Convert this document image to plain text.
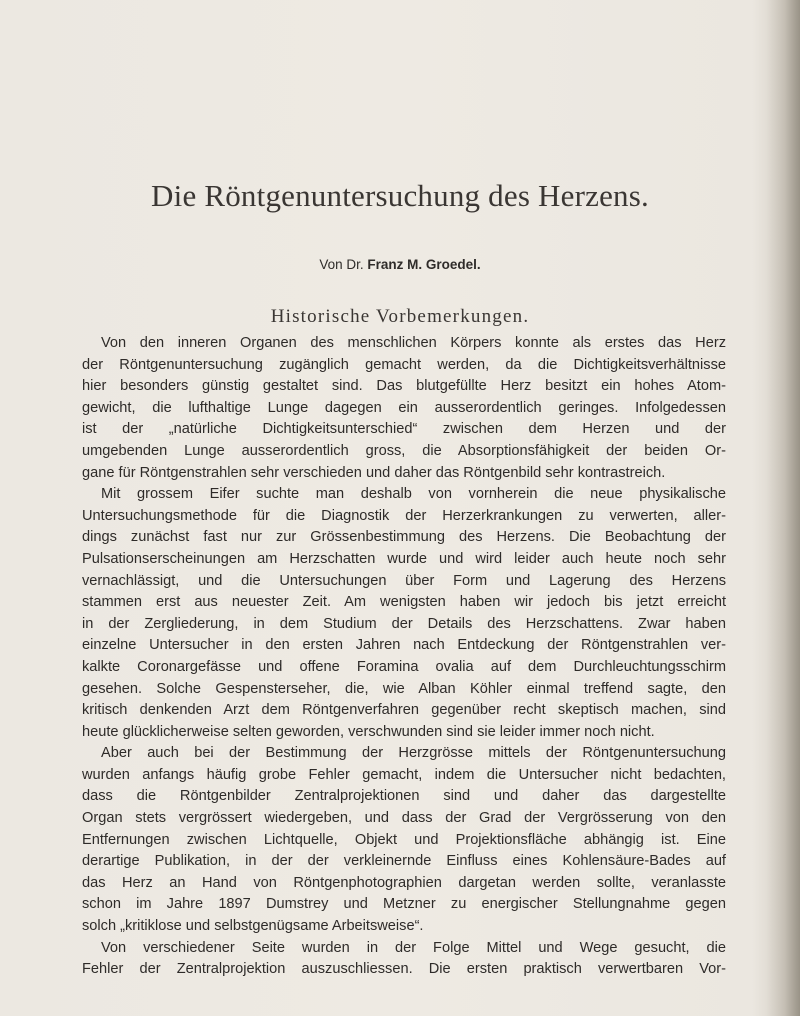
Die Röntgenuntersuchung des Herzens.
Von Dr. Franz M. Groedel.
Historische Vorbemerkungen.
Von den inneren Organen des menschlichen Körpers konnte als erstes das Herz
der Röntgenuntersuchung zugänglich gemacht werden, da die Dichtigkeitsverhältnisse
hier besonders günstig gestaltet sind. Das blutgefüllte Herz besitzt ein hohes Atom-
gewicht, die lufthaltige Lunge dagegen ein ausserordentlich geringes. Infolgedessen
ist der „natürliche Dichtigkeitsunterschied“ zwischen dem Herzen und der
umgebenden Lunge ausserordentlich gross, die Absorptionsfähigkeit der beiden Or-
gane für Röntgenstrahlen sehr verschieden und daher das Röntgenbild sehr kontrastreich.
Mit grossem Eifer suchte man deshalb von vornherein die neue physikalische
Untersuchungsmethode für die Diagnostik der Herzerkrankungen zu verwerten, aller-
dings zunächst fast nur zur Grössenbestimmung des Herzens. Die Beobachtung der
Pulsationserscheinungen am Herzschatten wurde und wird leider auch heute noch sehr
vernachlässigt, und die Untersuchungen über Form und Lagerung des Herzens
stammen erst aus neuester Zeit. Am wenigsten haben wir jedoch bis jetzt erreicht
in der Zergliederung, in dem Studium der Details des Herzschattens. Zwar haben
einzelne Untersucher in den ersten Jahren nach Entdeckung der Röntgenstrahlen ver-
kalkte Coronargefässe und offene Foramina ovalia auf dem Durchleuchtungsschirm
gesehen. Solche Gespensterseher, die, wie Alban Köhler einmal treffend sagte, den
kritisch denkenden Arzt dem Röntgenverfahren gegenüber recht skeptisch machen, sind
heute glücklicherweise selten geworden, verschwunden sind sie leider immer noch nicht.
Aber auch bei der Bestimmung der Herzgrösse mittels der Röntgenuntersuchung
wurden anfangs häufig grobe Fehler gemacht, indem die Untersucher nicht bedachten,
dass die Röntgenbilder Zentralprojektionen sind und daher das dargestellte
Organ stets vergrössert wiedergeben, und dass der Grad der Vergrösserung von den
Entfernungen zwischen Lichtquelle, Objekt und Projektionsfläche abhängig ist. Eine
derartige Publikation, in der der verkleinernde Einfluss eines Kohlensäure-Bades auf
das Herz an Hand von Röntgenphotographien dargetan werden sollte, veranlasste
schon im Jahre 1897 Dumstrey und Metzner zu energischer Stellungnahme gegen
solch „kritiklose und selbstgenügsame Arbeitsweise“.
Von verschiedener Seite wurden in der Folge Mittel und Wege gesucht, die
Fehler der Zentralprojektion auszuschliessen. Die ersten praktisch verwertbaren Vor-
